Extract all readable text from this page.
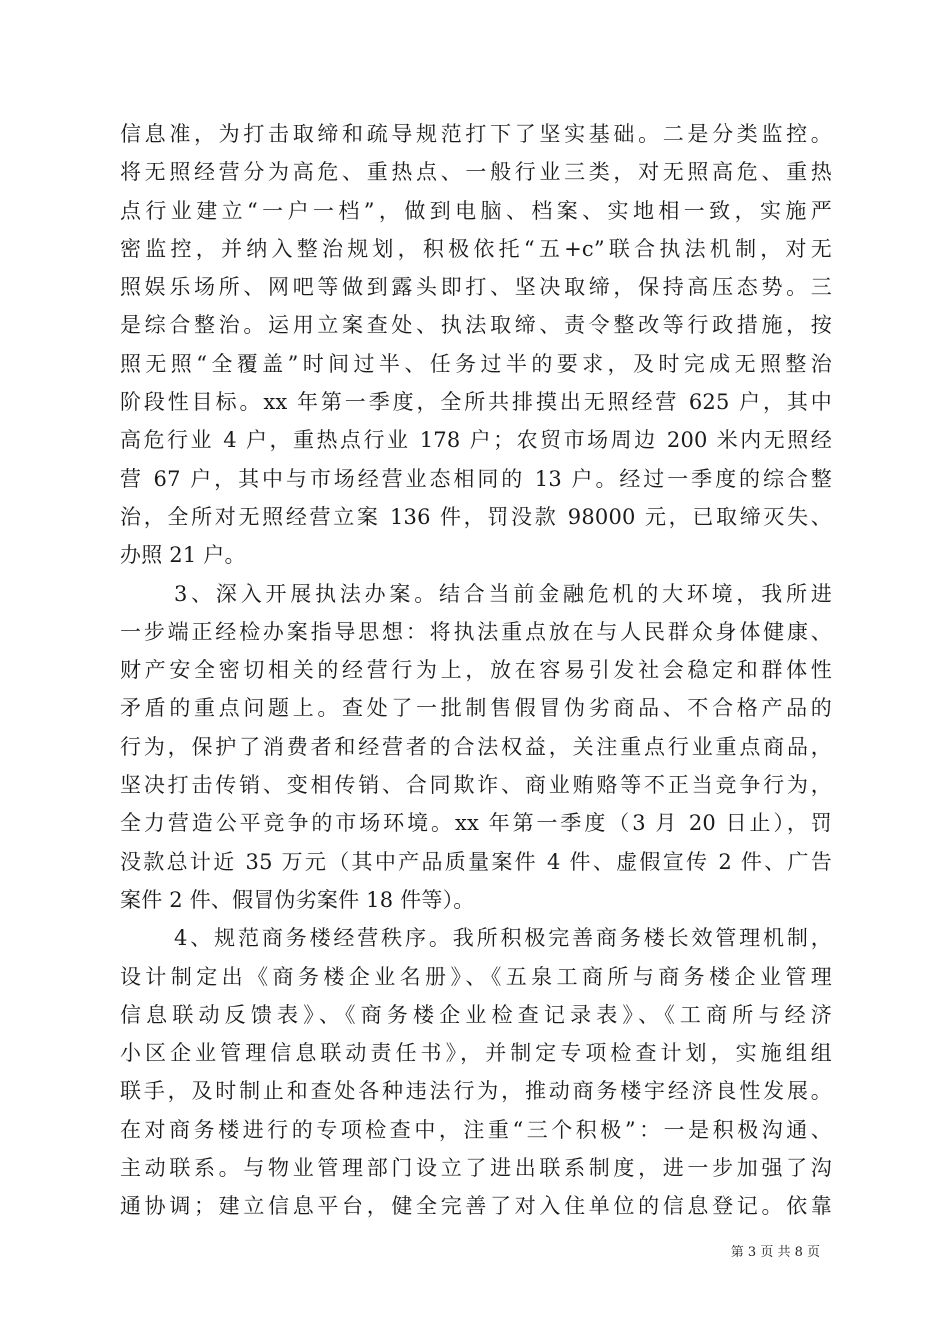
信息准，为打击取缔和疏导规范打下了坚实基础。二是分类监控。
将无照经营分为高危、重热点、一般行业三类，对无照高危、重热
点行业建立“一户一档”，做到电脑、档案、实地相一致，实施严
密监控，并纳入整治规划，积极依托“五+c”联合执法机制，对无
照娱乐场所、网吧等做到露头即打、坚决取缔，保持高压态势。三
是综合整治。运用立案查处、执法取缔、责令整改等行政措施，按
照无照“全覆盖”时间过半、任务过半的要求，及时完成无照整治
阶段性目标。xx 年第一季度，全所共排摸出无照经营 625 户，其中
高危行业 4 户，重热点行业 178 户；农贸市场周边 200 米内无照经
营 67 户，其中与市场经营业态相同的 13 户。经过一季度的综合整
治，全所对无照经营立案 136 件，罚没款 98000 元，已取缔灭失、
办照 21 户。
3、深入开展执法办案。结合当前金融危机的大环境，我所进
一步端正经检办案指导思想：将执法重点放在与人民群众身体健康、
财产安全密切相关的经营行为上，放在容易引发社会稳定和群体性
矛盾的重点问题上。查处了一批制售假冒伪劣商品、不合格产品的
行为，保护了消费者和经营者的合法权益，关注重点行业重点商品，
坚决打击传销、变相传销、合同欺诈、商业贿赂等不正当竞争行为，
全力营造公平竞争的市场环境。xx 年第一季度（3 月 20 日止），罚
没款总计近 35 万元（其中产品质量案件 4 件、虚假宣传 2 件、广告
案件 2 件、假冒伪劣案件 18 件等）。
4、规范商务楼经营秩序。我所积极完善商务楼长效管理机制，
设计制定出《商务楼企业名册》、《五泉工商所与商务楼企业管理
信息联动反馈表》、《商务楼企业检查记录表》、《工商所与经济
小区企业管理信息联动责任书》，并制定专项检查计划，实施组组
联手，及时制止和查处各种违法行为，推动商务楼宇经济良性发展。
在对商务楼进行的专项检查中，注重“三个积极”：一是积极沟通、
主动联系。与物业管理部门设立了进出联系制度，进一步加强了沟
通协调；建立信息平台，健全完善了对入住单位的信息登记。依靠
第 3 页 共 8 页
